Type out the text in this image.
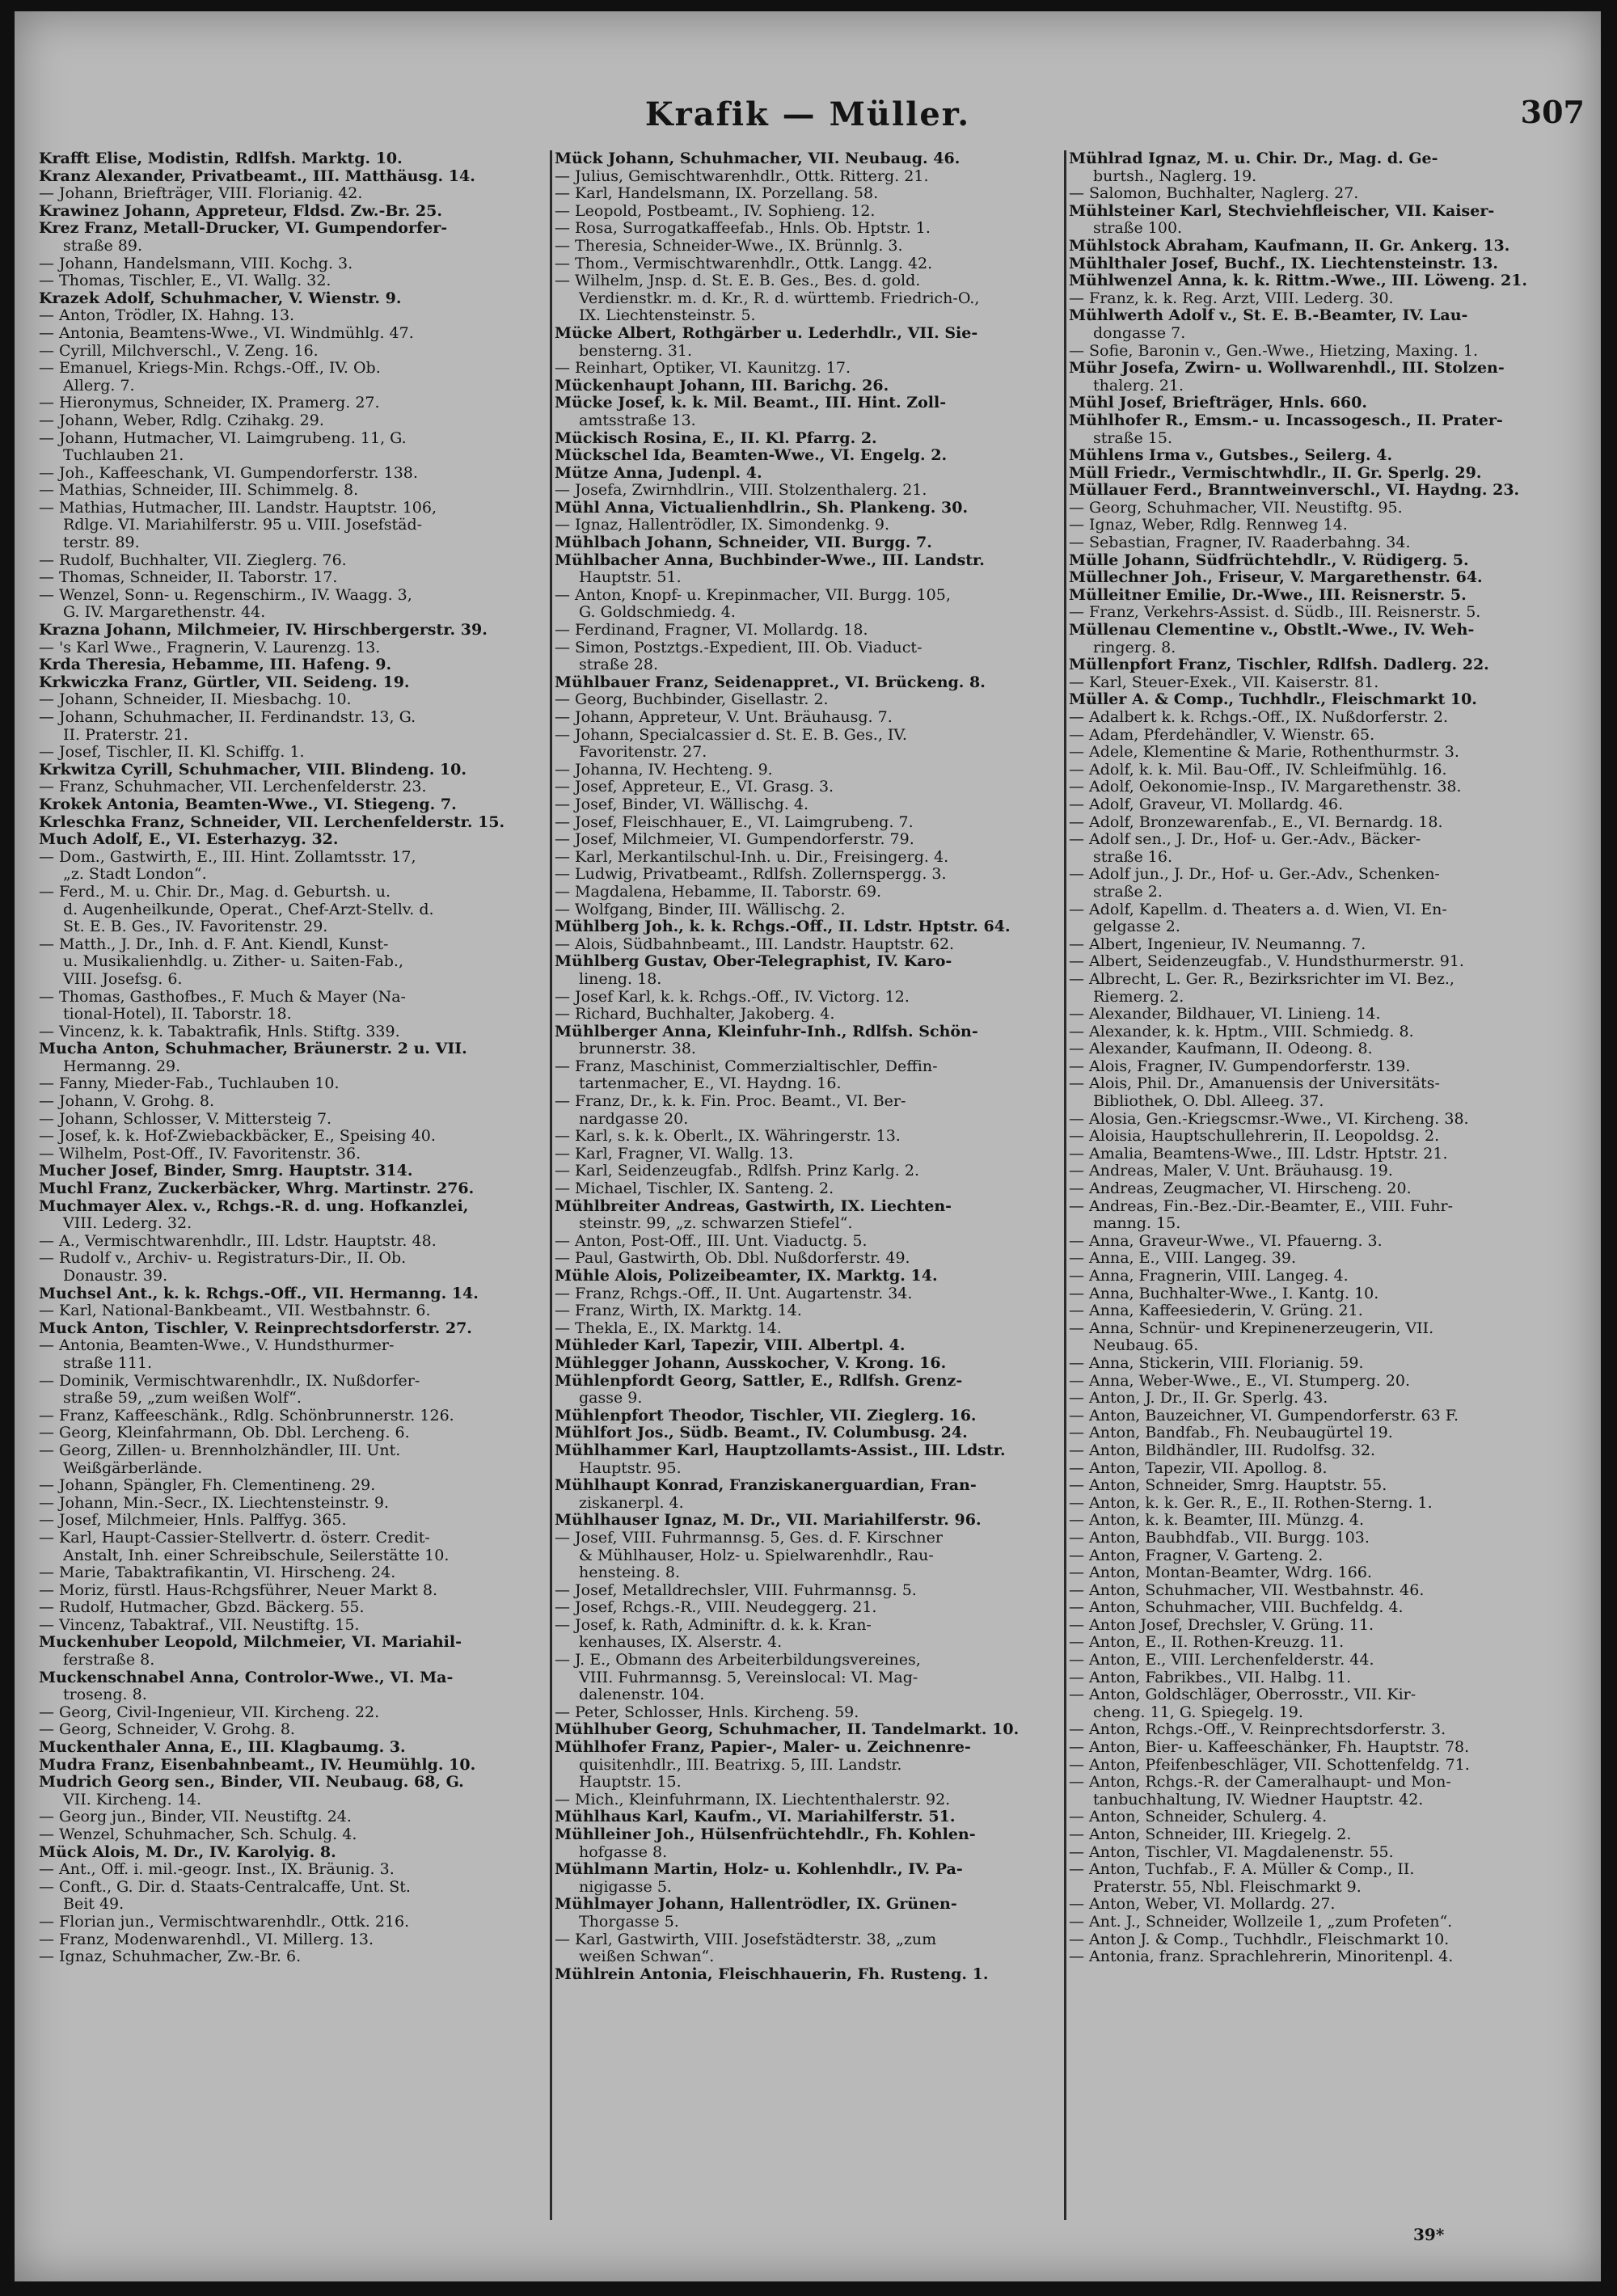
Krafik — Müller.	307
Krafft Elise, Modistin, Rdlfsh. Marktg. 10.
Kranz Alexander, Privatbeamt., III. Matthäusg. 14.
— Johann, Briefträger, VIII. Florianig. 42.
Krawinez Johann, Appreteur, Fldsd. Zw.-Br. 25.
Krez Franz, Metall-Drucker, VI. Gumpendorfer-
straße 89.
— Johann, Handelsmann, VIII. Kochg. 3.
— Thomas, Tischler, E., VI. Wallg. 32.
Krazek Adolf, Schuhmacher, V. Wienstr. 9.
— Anton, Trödler, IX. Hahng. 13.
— Antonia, Beamtens-Wwe., VI. Windmühlg. 47.
— Cyrill, Milchverschl., V. Zeng. 16.
— Emanuel, Kriegs-Min. Rchgs.-Off., IV. Ob.
Allerg. 7.
— Hieronymus, Schneider, IX. Pramerg. 27.
— Johann, Weber, Rdlg. Czihakg. 29.
— Johann, Hutmacher, VI. Laimgrubeng. 11, G.
Tuchlauben 21.
— Joh., Kaffeeschank, VI. Gumpendorferstr. 138.
— Mathias, Schneider, III. Schimmelg. 8.
— Mathias, Hutmacher, III. Landstr. Hauptstr. 106,
Rdlge. VI. Mariahilferstr. 95 u. VIII. Josefstäd-
terstr. 89.
— Rudolf, Buchhalter, VII. Zieglerg. 76.
— Thomas, Schneider, II. Taborstr. 17.
— Wenzel, Sonn- u. Regenschirm., IV. Waagg. 3,
G. IV. Margarethenstr. 44.
Krazna Johann, Milchmeier, IV. Hirschbergerstr. 39.
— 's Karl Wwe., Fragnerin, V. Laurenzg. 13.
Krda Theresia, Hebamme, III. Hafeng. 9.
Krkwiczka Franz, Gürtler, VII. Seideng. 19.
— Johann, Schneider, II. Miesbachg. 10.
— Johann, Schuhmacher, II. Ferdinandstr. 13, G.
II. Praterstr. 21.
— Josef, Tischler, II. Kl. Schiffg. 1.
Krkwitza Cyrill, Schuhmacher, VIII. Blindeng. 10.
— Franz, Schuhmacher, VII. Lerchenfelderstr. 23.
Krokek Antonia, Beamten-Wwe., VI. Stiegeng. 7.
Krleschka Franz, Schneider, VII. Lerchenfelderstr. 15.
Much Adolf, E., VI. Esterhazyg. 32.
— Dom., Gastwirth, E., III. Hint. Zollamtsstr. 17,
„z. Stadt London“.
— Ferd., M. u. Chir. Dr., Mag. d. Geburtsh. u.
d. Augenheilkunde, Operat., Chef-Arzt-Stellv. d.
St. E. B. Ges., IV. Favoritenstr. 29.
— Matth., J. Dr., Inh. d. F. Ant. Kiendl, Kunst-
u. Musikalienhdlg. u. Zither- u. Saiten-Fab.,
VIII. Josefsg. 6.
— Thomas, Gasthofbes., F. Much & Mayer (Na-
tional-Hotel), II. Taborstr. 18.
— Vincenz, k. k. Tabaktrafik, Hnls. Stiftg. 339.
Mucha Anton, Schuhmacher, Bräunerstr. 2 u. VII.
Hermanng. 29.
— Fanny, Mieder-Fab., Tuchlauben 10.
— Johann, V. Grohg. 8.
— Johann, Schlosser, V. Mittersteig 7.
— Josef, k. k. Hof-Zwiebackbäcker, E., Speising 40.
— Wilhelm, Post-Off., IV. Favoritenstr. 36.
Mucher Josef, Binder, Smrg. Hauptstr. 314.
Muchl Franz, Zuckerbäcker, Whrg. Martinstr. 276.
Muchmayer Alex. v., Rchgs.-R. d. ung. Hofkanzlei,
VIII. Lederg. 32.
— A., Vermischtwarenhdlr., III. Ldstr. Hauptstr. 48.
— Rudolf v., Archiv- u. Registraturs-Dir., II. Ob.
Donaustr. 39.
Muchsel Ant., k. k. Rchgs.-Off., VII. Hermanng. 14.
— Karl, National-Bankbeamt., VII. Westbahnstr. 6.
Muck Anton, Tischler, V. Reinprechtsdorferstr. 27.
— Antonia, Beamten-Wwe., V. Hundsthurmer-
straße 111.
— Dominik, Vermischtwarenhdlr., IX. Nußdorfer-
straße 59, „zum weißen Wolf“.
— Franz, Kaffeeschänk., Rdlg. Schönbrunnerstr. 126.
— Georg, Kleinfahrmann, Ob. Dbl. Lercheng. 6.
— Georg, Zillen- u. Brennholzhändler, III. Unt.
Weißgärberlände.
— Johann, Spängler, Fh. Clementineng. 29.
— Johann, Min.-Secr., IX. Liechtensteinstr. 9.
— Josef, Milchmeier, Hnls. Palffyg. 365.
— Karl, Haupt-Cassier-Stellvertr. d. österr. Credit-
Anstalt, Inh. einer Schreibschule, Seilerstätte 10.
— Marie, Tabaktrafikantin, VI. Hirscheng. 24.
— Moriz, fürstl. Haus-Rchgsführer, Neuer Markt 8.
— Rudolf, Hutmacher, Gbzd. Bäckerg. 55.
— Vincenz, Tabaktraf., VII. Neustiftg. 15.
Muckenhuber Leopold, Milchmeier, VI. Mariahil-
ferstraße 8.
Muckenschnabel Anna, Controlor-Wwe., VI. Ma-
troseng. 8.
— Georg, Civil-Ingenieur, VII. Kircheng. 22.
— Georg, Schneider, V. Grohg. 8.
Muckenthaler Anna, E., III. Klagbaumg. 3.
Mudra Franz, Eisenbahnbeamt., IV. Heumühlg. 10.
Mudrich Georg sen., Binder, VII. Neubaug. 68, G.
VII. Kircheng. 14.
— Georg jun., Binder, VII. Neustiftg. 24.
— Wenzel, Schuhmacher, Sch. Schulg. 4.
Mück Alois, M. Dr., IV. Karolyig. 8.
— Ant., Off. i. mil.-geogr. Inst., IX. Bräunig. 3.
— Conft., G. Dir. d. Staats-Centralcaffe, Unt. St.
Beit 49.
— Florian jun., Vermischtwarenhdlr., Ottk. 216.
— Franz, Modenwarenhdl., VI. Millerg. 13.
— Ignaz, Schuhmacher, Zw.-Br. 6.
Mück Johann, Schuhmacher, VII. Neubaug. 46.
— Julius, Gemischtwarenhdlr., Ottk. Ritterg. 21.
— Karl, Handelsmann, IX. Porzellang. 58.
— Leopold, Postbeamt., IV. Sophieng. 12.
— Rosa, Surrogatkaffeefab., Hnls. Ob. Hptstr. 1.
— Theresia, Schneider-Wwe., IX. Brünnlg. 3.
— Thom., Vermischtwarenhdlr., Ottk. Langg. 42.
— Wilhelm, Jnsp. d. St. E. B. Ges., Bes. d. gold.
Verdienstkr. m. d. Kr., R. d. württemb. Friedrich-O.,
IX. Liechtensteinstr. 5.
Mücke Albert, Rothgärber u. Lederhdlr., VII. Sie-
bensterng. 31.
— Reinhart, Optiker, VI. Kaunitzg. 17.
Mückenhaupt Johann, III. Barichg. 26.
Mücke Josef, k. k. Mil. Beamt., III. Hint. Zoll-
amtsstraße 13.
Mückisch Rosina, E., II. Kl. Pfarrg. 2.
Mückschel Ida, Beamten-Wwe., VI. Engelg. 2.
Mütze Anna, Judenpl. 4.
— Josefa, Zwirnhdlrin., VIII. Stolzenthalerg. 21.
Mühl Anna, Victualienhdlrin., Sh. Plankeng. 30.
— Ignaz, Hallentrödler, IX. Simondenkg. 9.
Mühlbach Johann, Schneider, VII. Burgg. 7.
Mühlbacher Anna, Buchbinder-Wwe., III. Landstr.
Hauptstr. 51.
— Anton, Knopf- u. Krepinmacher, VII. Burgg. 105,
G. Goldschmiedg. 4.
— Ferdinand, Fragner, VI. Mollardg. 18.
— Simon, Postztgs.-Expedient, III. Ob. Viaduct-
straße 28.
Mühlbauer Franz, Seidenappret., VI. Brückeng. 8.
— Georg, Buchbinder, Gisellastr. 2.
— Johann, Appreteur, V. Unt. Bräuhausg. 7.
— Johann, Specialcassier d. St. E. B. Ges., IV.
Favoritenstr. 27.
— Johanna, IV. Hechteng. 9.
— Josef, Appreteur, E., VI. Grasg. 3.
— Josef, Binder, VI. Wällischg. 4.
— Josef, Fleischhauer, E., VI. Laimgrubeng. 7.
— Josef, Milchmeier, VI. Gumpendorferstr. 79.
— Karl, Merkantilschul-Inh. u. Dir., Freisingerg. 4.
— Ludwig, Privatbeamt., Rdlfsh. Zollernspergg. 3.
— Magdalena, Hebamme, II. Taborstr. 69.
— Wolfgang, Binder, III. Wällischg. 2.
Mühlberg Joh., k. k. Rchgs.-Off., II. Ldstr. Hptstr. 64.
— Alois, Südbahnbeamt., III. Landstr. Hauptstr. 62.
Mühlberg Gustav, Ober-Telegraphist, IV. Karo-
lineng. 18.
— Josef Karl, k. k. Rchgs.-Off., IV. Victorg. 12.
— Richard, Buchhalter, Jakoberg. 4.
Mühlberger Anna, Kleinfuhr-Inh., Rdlfsh. Schön-
brunnerstr. 38.
— Franz, Maschinist, Commerzialtischler, Deffin-
tartenmacher, E., VI. Haydng. 16.
— Franz, Dr., k. k. Fin. Proc. Beamt., VI. Ber-
nardgasse 20.
— Karl, s. k. k. Oberlt., IX. Währingerstr. 13.
— Karl, Fragner, VI. Wallg. 13.
— Karl, Seidenzeugfab., Rdlfsh. Prinz Karlg. 2.
— Michael, Tischler, IX. Santeng. 2.
Mühlbreiter Andreas, Gastwirth, IX. Liechten-
steinstr. 99, „z. schwarzen Stiefel“.
— Anton, Post-Off., III. Unt. Viaductg. 5.
— Paul, Gastwirth, Ob. Dbl. Nußdorferstr. 49.
Mühle Alois, Polizeibeamter, IX. Marktg. 14.
— Franz, Rchgs.-Off., II. Unt. Augartenstr. 34.
— Franz, Wirth, IX. Marktg. 14.
— Thekla, E., IX. Marktg. 14.
Mühleder Karl, Tapezir, VIII. Albertpl. 4.
Mühlegger Johann, Ausskocher, V. Krong. 16.
Mühlenpfordt Georg, Sattler, E., Rdlfsh. Grenz-
gasse 9.
Mühlenpfort Theodor, Tischler, VII. Zieglerg. 16.
Mühlfort Jos., Südb. Beamt., IV. Columbusg. 24.
Mühlhammer Karl, Hauptzollamts-Assist., III. Ldstr.
Hauptstr. 95.
Mühlhaupt Konrad, Franziskanerguardian, Fran-
ziskanerpl. 4.
Mühlhauser Ignaz, M. Dr., VII. Mariahilferstr. 96.
— Josef, VIII. Fuhrmannsg. 5, Ges. d. F. Kirschner
& Mühlhauser, Holz- u. Spielwarenhdlr., Rau-
hensteing. 8.
— Josef, Metalldrechsler, VIII. Fuhrmannsg. 5.
— Josef, Rchgs.-R., VIII. Neudeggerg. 21.
— Josef, k. Rath, Adminiftr. d. k. k. Kran-
kenhauses, IX. Alserstr. 4.
— J. E., Obmann des Arbeiterbildungsvereines,
VIII. Fuhrmannsg. 5, Vereinslocal: VI. Mag-
dalenenstr. 104.
— Peter, Schlosser, Hnls. Kircheng. 59.
Mühlhuber Georg, Schuhmacher, II. Tandelmarkt. 10.
Mühlhofer Franz, Papier-, Maler- u. Zeichnenre-
quisitenhdlr., III. Beatrixg. 5, III. Landstr.
Hauptstr. 15.
— Mich., Kleinfuhrmann, IX. Liechtenthalerstr. 92.
Mühlhaus Karl, Kaufm., VI. Mariahilferstr. 51.
Mühlleiner Joh., Hülsenfrüchtehdlr., Fh. Kohlen-
hofgasse 8.
Mühlmann Martin, Holz- u. Kohlenhdlr., IV. Pa-
nigigasse 5.
Mühlmayer Johann, Hallentrödler, IX. Grünen-
Thorgasse 5.
— Karl, Gastwirth, VIII. Josefstädterstr. 38, „zum
weißen Schwan“.
Mühlrein Antonia, Fleischhauerin, Fh. Rusteng. 1.
Mühlrad Ignaz, M. u. Chir. Dr., Mag. d. Ge-
burtsh., Naglerg. 19.
— Salomon, Buchhalter, Naglerg. 27.
Mühlsteiner Karl, Stechviehfleischer, VII. Kaiser-
straße 100.
Mühlstock Abraham, Kaufmann, II. Gr. Ankerg. 13.
Mühlthaler Josef, Buchf., IX. Liechtensteinstr. 13.
Mühlwenzel Anna, k. k. Rittm.-Wwe., III. Löweng. 21.
— Franz, k. k. Reg. Arzt, VIII. Lederg. 30.
Mühlwerth Adolf v., St. E. B.-Beamter, IV. Lau-
dongasse 7.
— Sofie, Baronin v., Gen.-Wwe., Hietzing, Maxing. 1.
Mühr Josefa, Zwirn- u. Wollwarenhdl., III. Stolzen-
thalerg. 21.
Mühl Josef, Briefträger, Hnls. 660.
Mühlhofer R., Emsm.- u. Incassogesch., II. Prater-
straße 15.
Mühlens Irma v., Gutsbes., Seilerg. 4.
Müll Friedr., Vermischtwhdlr., II. Gr. Sperlg. 29.
Müllauer Ferd., Branntweinverschl., VI. Haydng. 23.
— Georg, Schuhmacher, VII. Neustiftg. 95.
— Ignaz, Weber, Rdlg. Rennweg 14.
— Sebastian, Fragner, IV. Raaderbahng. 34.
Mülle Johann, Südfrüchtehdlr., V. Rüdigerg. 5.
Müllechner Joh., Friseur, V. Margarethenstr. 64.
Mülleitner Emilie, Dr.-Wwe., III. Reisnerstr. 5.
— Franz, Verkehrs-Assist. d. Südb., III. Reisnerstr. 5.
Müllenau Clementine v., Obstlt.-Wwe., IV. Weh-
ringerg. 8.
Müllenpfort Franz, Tischler, Rdlfsh. Dadlerg. 22.
— Karl, Steuer-Exek., VII. Kaiserstr. 81.
Müller A. & Comp., Tuchhdlr., Fleischmarkt 10.
— Adalbert k. k. Rchgs.-Off., IX. Nußdorferstr. 2.
— Adam, Pferdehändler, V. Wienstr. 65.
— Adele, Klementine & Marie, Rothenthurmstr. 3.
— Adolf, k. k. Mil. Bau-Off., IV. Schleifmühlg. 16.
— Adolf, Oekonomie-Insp., IV. Margarethenstr. 38.
— Adolf, Graveur, VI. Mollardg. 46.
— Adolf, Bronzewarenfab., E., VI. Bernardg. 18.
— Adolf sen., J. Dr., Hof- u. Ger.-Adv., Bäcker-
straße 16.
— Adolf jun., J. Dr., Hof- u. Ger.-Adv., Schenken-
straße 2.
— Adolf, Kapellm. d. Theaters a. d. Wien, VI. En-
gelgasse 2.
— Albert, Ingenieur, IV. Neumanng. 7.
— Albert, Seidenzeugfab., V. Hundsthurmerstr. 91.
— Albrecht, L. Ger. R., Bezirksrichter im VI. Bez.,
Riemerg. 2.
— Alexander, Bildhauer, VI. Linieng. 14.
— Alexander, k. k. Hptm., VIII. Schmiedg. 8.
— Alexander, Kaufmann, II. Odeong. 8.
— Alois, Fragner, IV. Gumpendorferstr. 139.
— Alois, Phil. Dr., Amanuensis der Universitäts-
Bibliothek, O. Dbl. Alleeg. 37.
— Alosia, Gen.-Kriegscmsr.-Wwe., VI. Kircheng. 38.
— Aloisia, Hauptschullehrerin, II. Leopoldsg. 2.
— Amalia, Beamtens-Wwe., III. Ldstr. Hptstr. 21.
— Andreas, Maler, V. Unt. Bräuhausg. 19.
— Andreas, Zeugmacher, VI. Hirscheng. 20.
— Andreas, Fin.-Bez.-Dir.-Beamter, E., VIII. Fuhr-
manng. 15.
— Anna, Graveur-Wwe., VI. Pfauerng. 3.
— Anna, E., VIII. Langeg. 39.
— Anna, Fragnerin, VIII. Langeg. 4.
— Anna, Buchhalter-Wwe., I. Kantg. 10.
— Anna, Kaffeesiederin, V. Grüng. 21.
— Anna, Schnür- und Krepinenerzeugerin, VII.
Neubaug. 65.
— Anna, Stickerin, VIII. Florianig. 59.
— Anna, Weber-Wwe., E., VI. Stumperg. 20.
— Anton, J. Dr., II. Gr. Sperlg. 43.
— Anton, Bauzeichner, VI. Gumpendorferstr. 63 F.
— Anton, Bandfab., Fh. Neubaugürtel 19.
— Anton, Bildhändler, III. Rudolfsg. 32.
— Anton, Tapezir, VII. Apollog. 8.
— Anton, Schneider, Smrg. Hauptstr. 55.
— Anton, k. k. Ger. R., E., II. Rothen-Sterng. 1.
— Anton, k. k. Beamter, III. Münzg. 4.
— Anton, Baubhdfab., VII. Burgg. 103.
— Anton, Fragner, V. Garteng. 2.
— Anton, Montan-Beamter, Wdrg. 166.
— Anton, Schuhmacher, VII. Westbahnstr. 46.
— Anton, Schuhmacher, VIII. Buchfeldg. 4.
— Anton Josef, Drechsler, V. Grüng. 11.
— Anton, E., II. Rothen-Kreuzg. 11.
— Anton, E., VIII. Lerchenfelderstr. 44.
— Anton, Fabrikbes., VII. Halbg. 11.
— Anton, Goldschläger, Oberrosstr., VII. Kir-
cheng. 11, G. Spiegelg. 19.
— Anton, Rchgs.-Off., V. Reinprechtsdorferstr. 3.
— Anton, Bier- u. Kaffeeschänker, Fh. Hauptstr. 78.
— Anton, Pfeifenbeschläger, VII. Schottenfeldg. 71.
— Anton, Rchgs.-R. der Cameralhaupt- und Mon-
tanbuchhaltung, IV. Wiedner Hauptstr. 42.
— Anton, Schneider, Schulerg. 4.
— Anton, Schneider, III. Kriegelg. 2.
— Anton, Tischler, VI. Magdalenenstr. 55.
— Anton, Tuchfab., F. A. Müller & Comp., II.
Praterstr. 55, Nbl. Fleischmarkt 9.
— Anton, Weber, VI. Mollardg. 27.
— Ant. J., Schneider, Wollzeile 1, „zum Profeten“.
— Anton J. & Comp., Tuchhdlr., Fleischmarkt 10.
— Antonia, franz. Sprachlehrerin, Minoritenpl. 4.
39*
